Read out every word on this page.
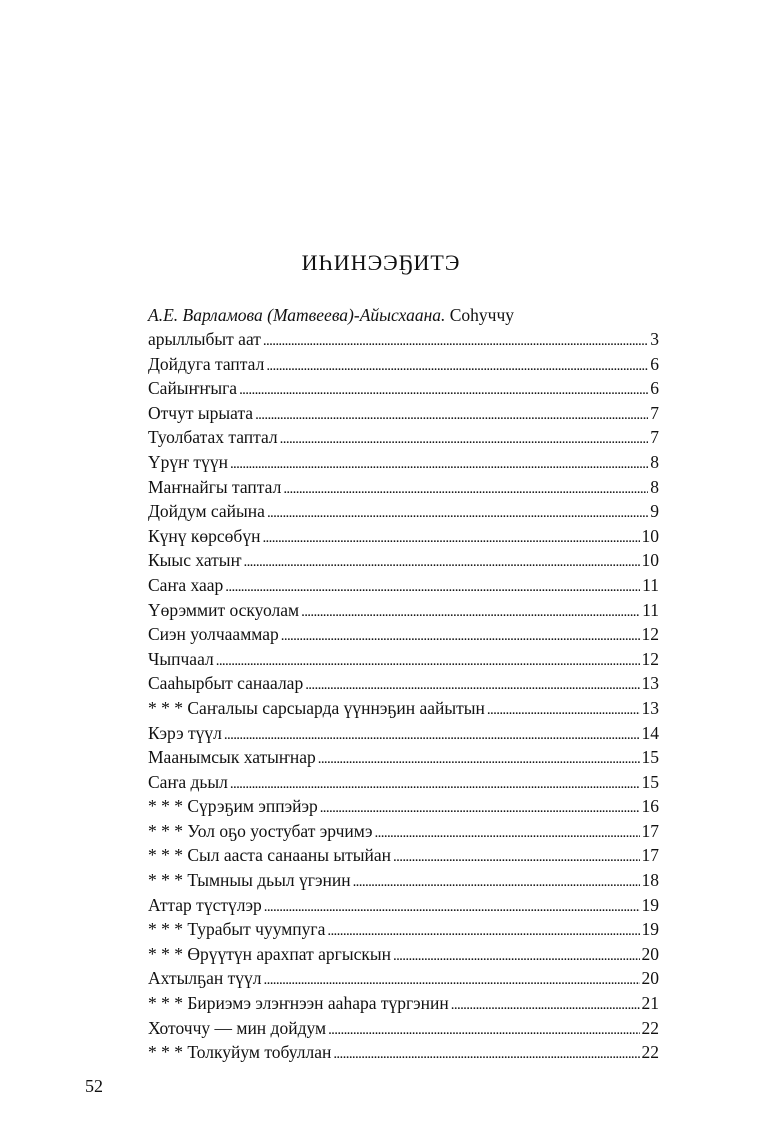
ИҺИНЭЭҔИТЭ
А.Е. Варламова (Матвеева)-Айысхаана. Соһуччу
арыллыбыт аат . . .	3
Дойдуга таптал . . .	6
Сайыҥҥыга . . .	6
Отчут ырыата . . .	7
Туолбатах таптал . . .	7
Үрүҥ түүн . . .	8
Маҥнайгы таптал . . .	8
Дойдум сайына . . .	9
Күнү көрсөбүн . . .	10
Кыыс хатыҥ . . .	10
Саҥа хаар . . .	11
Үөрэммит оскуолам . . .	11
Сиэн уолчааммар . . .	12
Чыпчаал . . .	12
Сааһырбыт санаалар . . .	13
* * * Саҥалыы сарсыарда үүннэҕин аайытын . . .	13
Кэрэ түүл . . .	14
Маанымсык хатыҥнар . . .	15
Саҥа дьыл . . .	15
* * * Сүрэҕим эппэйэр . . .	16
* * * Уол оҕо уостубат эрчимэ . . .	17
* * * Сыл ааста санааны ытыйан . . .	17
* * * Тымныы дьыл үгэнин . . .	18
Аттар түстүлэр . . .	19
* * * Турабыт чуумпуга . . .	19
* * * Өрүүтүн арахпат аргыскын . . .	20
Ахтылҕан түүл . . .	20
* * * Бириэмэ элэҥнээн ааһара түргэнин . . .	21
Хоточчу — мин дойдум . . .	22
* * * Толкуйум тобуллан . . .	22
52
